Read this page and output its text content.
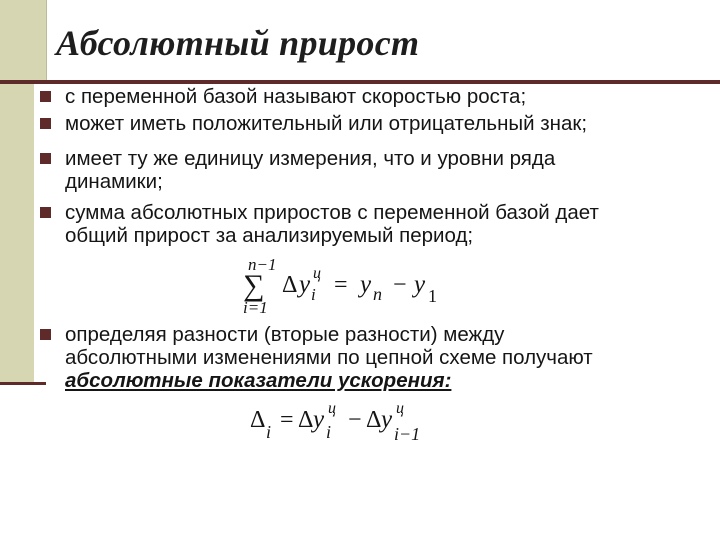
Абсолютный прирост
с переменной базой называют скоростью роста;
может иметь положительный или отрицательный знак;
имеет ту же единицу измерения, что и уровни ряда
динамики;
сумма абсолютных приростов с переменной базой дает
общий прирост за анализируемый период;
определяя разности (вторые разности) между
абсолютными изменениями по цепной схеме получают
абсолютные показатели ускорения:
n−1
∑
i=1
Δ y ц
i = y n − y 1
Δ i = Δ y ц
i − Δ y ц
i−1
